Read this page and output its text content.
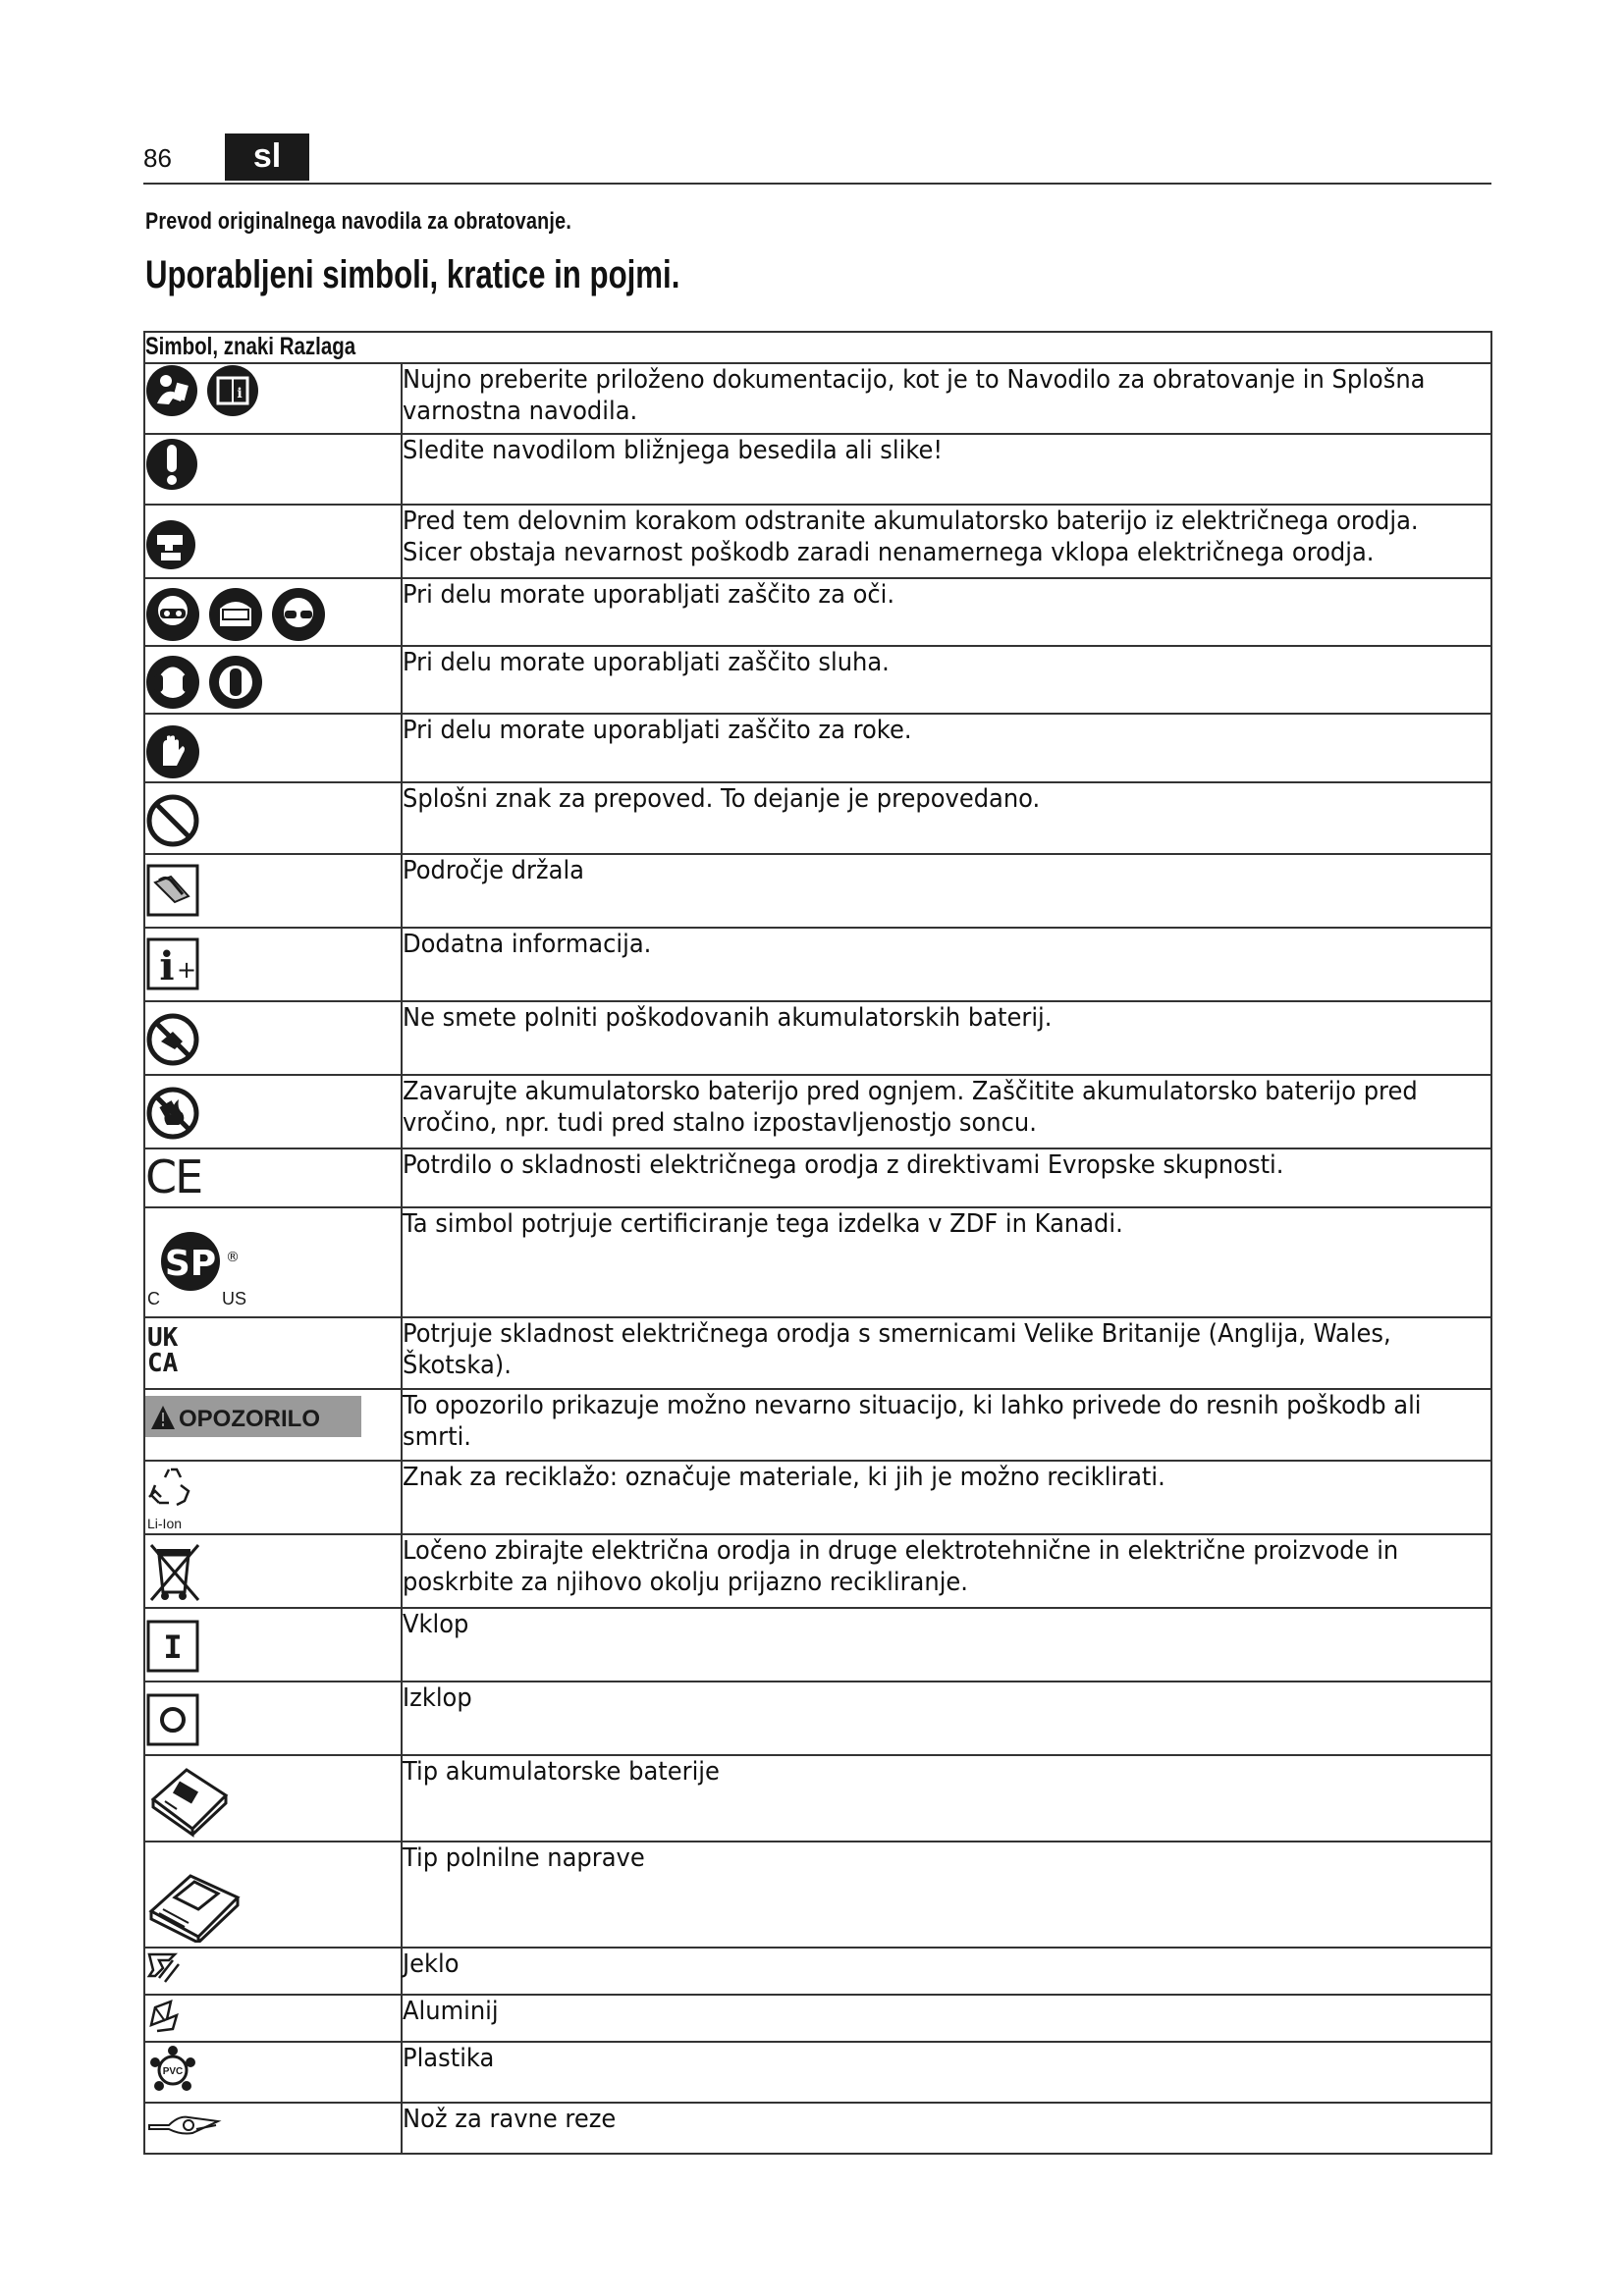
86	sl
Prevod originalnega navodila za obratovanje.
Uporabljeni simboli, kratice in pojmi.
Simbol, znaki Razlaga	

i	Nujno preberite priloženo dokumentacijo, kot je to Navodilo za obratovanje in Splošna varnostna navodila.

Sledite navodilom bližnjega besedila ali slike!

Pred tem delovnim korakom odstranite akumulatorsko baterijo iz električnega orodja. Sicer obstaja nevarnost poškodb zaradi nenamernega vklopa električnega orodja.

Pri delu morate uporabljati zaščito za oči.

Pri delu morate uporabljati zaščito sluha.

Pri delu morate uporabljati zaščito za roke.

Splošni znak za prepoved. To dejanje je prepovedano.

Področje držala

i +	Dodatna informacija.

Ne smete polniti poškodovanih akumulatorskih baterij.

Zavarujte akumulatorsko baterijo pred ognjem. Zaščitite akumulatorsko baterijo pred vročino, npr. tudi pred stalno izpostavljenostjo soncu.

CE	Potrdilo o skladnosti električnega orodja z direktivami Evropske skupnosti.

SP ®
C US	Ta simbol potrjuje certificiranje tega izdelka v ZDF in Kanadi.

UK
CA	Potrjuje skladnost električnega orodja s smernicami Velike Britanije (Anglija, Wales, Škotska).

OPOZORILO	To opozorilo prikazuje možno nevarno situacijo, ki lahko privede do resnih poškodb ali smrti.

Li-Ion	Znak za reciklažo: označuje materiale, ki jih je možno reciklirati.

Ločeno zbirajte električna orodja in druge elektrotehnične in električne proizvode in poskrbite za njihovo okolju prijazno recikliranje.

I	Vklop

Izklop

Tip akumulatorske baterije

Tip polnilne naprave

Jeklo

Aluminij

PVC	Plastika

Nož za ravne reze
